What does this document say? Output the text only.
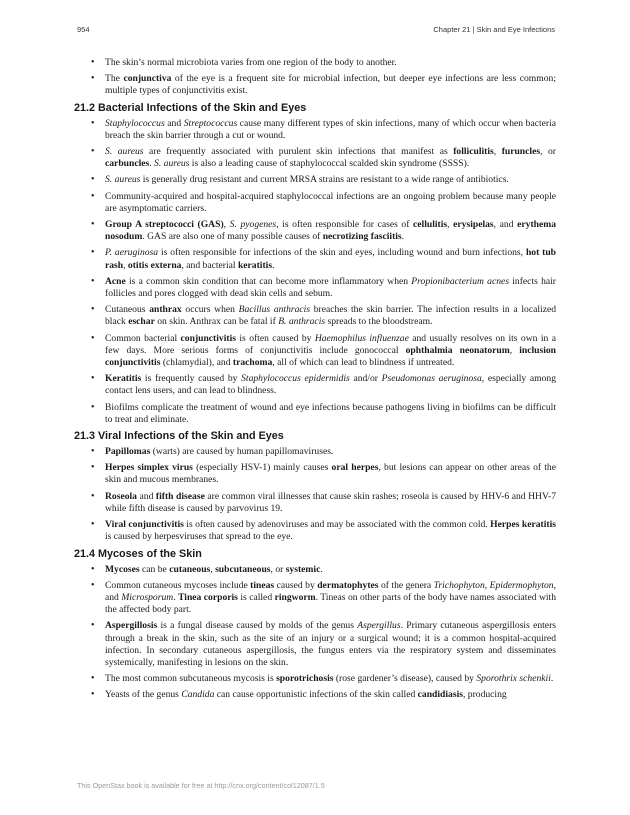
954	Chapter 21 | Skin and Eye Infections
• The skin’s normal microbiota varies from one region of the body to another.
• The conjunctiva of the eye is a frequent site for microbial infection, but deeper eye infections are less common; multiple types of conjunctivitis exist.
21.2 Bacterial Infections of the Skin and Eyes
• Staphylococcus and Streptococcus cause many different types of skin infections, many of which occur when bacteria breach the skin barrier through a cut or wound.
• S. aureus are frequently associated with purulent skin infections that manifest as folliculitis, furuncles, or carbuncles. S. aureus is also a leading cause of staphylococcal scalded skin syndrome (SSSS).
• S. aureus is generally drug resistant and current MRSA strains are resistant to a wide range of antibiotics.
• Community-acquired and hospital-acquired staphylococcal infections are an ongoing problem because many people are asymptomatic carriers.
• Group A streptococci (GAS), S. pyogenes, is often responsible for cases of cellulitis, erysipelas, and erythema nosodum. GAS are also one of many possible causes of necrotizing fasciitis.
• P. aeruginosa is often responsible for infections of the skin and eyes, including wound and burn infections, hot tub rash, otitis externa, and bacterial keratitis.
• Acne is a common skin condition that can become more inflammatory when Propionibacterium acnes infects hair follicles and pores clogged with dead skin cells and sebum.
• Cutaneous anthrax occurs when Bacillus anthracis breaches the skin barrier. The infection results in a localized black eschar on skin. Anthrax can be fatal if B. anthracis spreads to the bloodstream.
• Common bacterial conjunctivitis is often caused by Haemophilus influenzae and usually resolves on its own in a few days. More serious forms of conjunctivitis include gonococcal ophthalmia neonatorum, inclusion conjunctivitis (chlamydial), and trachoma, all of which can lead to blindness if untreated.
• Keratitis is frequently caused by Staphylococcus epidermidis and/or Pseudomonas aeruginosa, especially among contact lens users, and can lead to blindness.
• Biofilms complicate the treatment of wound and eye infections because pathogens living in biofilms can be difficult to treat and eliminate.
21.3 Viral Infections of the Skin and Eyes
• Papillomas (warts) are caused by human papillomaviruses.
• Herpes simplex virus (especially HSV-1) mainly causes oral herpes, but lesions can appear on other areas of the skin and mucous membranes.
• Roseola and fifth disease are common viral illnesses that cause skin rashes; roseola is caused by HHV-6 and HHV-7 while fifth disease is caused by parvovirus 19.
• Viral conjunctivitis is often caused by adenoviruses and may be associated with the common cold. Herpes keratitis is caused by herpesviruses that spread to the eye.
21.4 Mycoses of the Skin
• Mycoses can be cutaneous, subcutaneous, or systemic.
• Common cutaneous mycoses include tineas caused by dermatophytes of the genera Trichophyton, Epidermophyton, and Microsporum. Tinea corporis is called ringworm. Tineas on other parts of the body have names associated with the affected body part.
• Aspergillosis is a fungal disease caused by molds of the genus Aspergillus. Primary cutaneous aspergillosis enters through a break in the skin, such as the site of an injury or a surgical wound; it is a common hospital-acquired infection. In secondary cutaneous aspergillosis, the fungus enters via the respiratory system and disseminates systemically, manifesting in lesions on the skin.
• The most common subcutaneous mycosis is sporotrichosis (rose gardener’s disease), caused by Sporothrix schenkii.
• Yeasts of the genus Candida can cause opportunistic infections of the skin called candidiasis, producing
This OpenStax book is available for free at http://cnx.org/content/col12087/1.5
